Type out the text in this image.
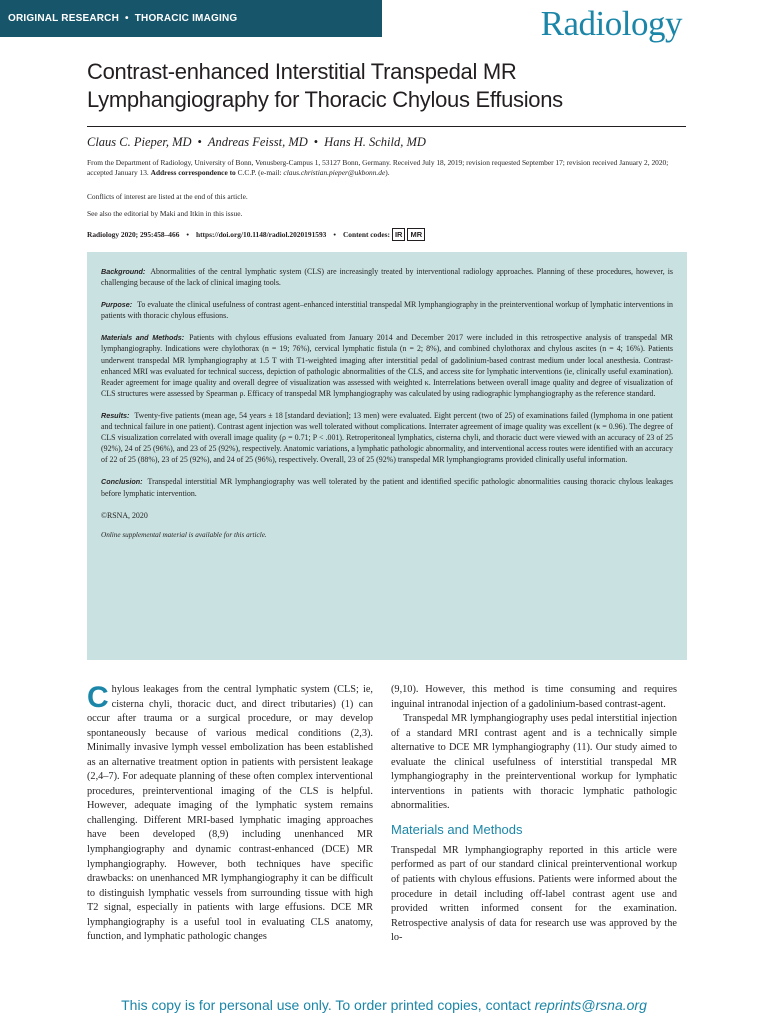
ORIGINAL RESEARCH • THORACIC IMAGING	Radiology
Contrast-enhanced Interstitial Transpedal MR Lymphangiography for Thoracic Chylous Effusions
Claus C. Pieper, MD • Andreas Feisst, MD • Hans H. Schild, MD
From the Department of Radiology, University of Bonn, Venusberg-Campus 1, 53127 Bonn, Germany. Received July 18, 2019; revision requested September 17; revision received January 2, 2020; accepted January 13. Address correspondence to C.C.P. (e-mail: claus.christian.pieper@ukbonn.de).
Conflicts of interest are listed at the end of this article.
See also the editorial by Maki and Itkin in this issue.
Radiology 2020; 295:458–466 • https://doi.org/10.1148/radiol.2020191593 • Content codes: IR	MR

Background: Abnormalities of the central lymphatic system (CLS) are increasingly treated by interventional radiology approaches. Planning of these procedures, however, is challenging because of the lack of clinical imaging tools.

Purpose: To evaluate the clinical usefulness of contrast agent–enhanced interstitial transpedal MR lymphangiography in the preinterventional workup of lymphatic interventions in patients with thoracic chylous effusions.

Materials and Methods: Patients with chylous effusions evaluated from January 2014 and December 2017 were included in this retrospective analysis of transpedal MR lymphangiography. Indications were chylothorax (n = 19; 76%), cervical lymphatic fistula (n = 2; 8%), and combined chylothorax and chylous ascites (n = 4; 16%). Patients underwent transpedal MR lymphangiography at 1.5 T with T1-weighted imaging after interstitial pedal of gadolinium-based contrast medium under local anesthesia. Contrast-enhanced MRI was evaluated for technical success, depiction of pathologic abnormalities of the CLS, and access site for lymphatic interventions (ie, clinically useful examination). Reader agreement for image quality and overall degree of visualization was assessed with weighted κ. Interrelations between overall image quality and degree of visualization of CLS structures were assessed by Spearman ρ. Efficacy of transpedal MR lymphangiography was calculated by using radiographic lymphangiography as the reference standard.

Results: Twenty-five patients (mean age, 54 years ± 18 [standard deviation]; 13 men) were evaluated. Eight percent (two of 25) of examinations failed (lymphoma in one patient and technical failure in one patient). Contrast agent injection was well tolerated without complications. Interrater agreement of image quality was excellent (κ = 0.96). The degree of CLS visualization correlated with overall image quality (ρ = 0.71; P < .001). Retroperitoneal lymphatics, cisterna chyli, and thoracic duct were viewed with an accuracy of 23 of 25 (92%), 24 of 25 (96%), and 23 of 25 (92%), respectively. Anatomic variations, a lymphatic pathologic abnormality, and interventional access routes were identified with an accuracy of 22 of 25 (88%), 23 of 25 (92%), and 24 of 25 (96%), respectively. Overall, 23 of 25 (92%) transpedal MR lymphangiograms provided clinically useful information.

Conclusion: Transpedal interstitial MR lymphangiography was well tolerated by the patient and identified specific pathologic abnormalities causing thoracic chylous leakages before lymphatic intervention.

©RSNA, 2020

Online supplemental material is available for this article.

Chylous leakages from the central lymphatic system (CLS; ie, cisterna chyli, thoracic duct, and direct tributaries) (1) can occur after trauma or a surgical procedure, or may develop spontaneously because of various medical conditions (2,3). Minimally invasive lymph vessel embolization has been established as an alternative treatment option in patients with persistent leakage (2,4–7). For adequate planning of these often complex interventional procedures, preinterventional imaging of the CLS is helpful. However, adequate imaging of the lymphatic system remains challenging. Different MRI-based lymphatic imaging approaches have been developed (8,9) including unenhanced MR lymphangiography and dynamic contrast-enhanced (DCE) MR lymphangiography. However, both techniques have specific drawbacks: on unenhanced MR lymphangiography it can be difficult to distinguish lymphatic vessels from surrounding tissue with high T2 signal, especially in patients with large effusions. DCE MR lymphangiography is a useful tool in evaluating CLS anatomy, function, and lymphatic pathologic changes

(9,10). However, this method is time consuming and requires inguinal intranodal injection of a gadolinium-based contrast-agent.

Transpedal MR lymphangiography uses pedal interstitial injection of a standard MRI contrast agent and is a technically simple alternative to DCE MR lymphangiography (11). Our study aimed to evaluate the clinical usefulness of interstitial transpedal MR lymphangiography in the preinterventional workup for lymphatic interventions in patients with thoracic lymphatic pathologic abnormalities.

Materials and Methods

Transpedal MR lymphangiography reported in this article were performed as part of our standard clinical preinterventional workup of patients with chylous effusions. Patients were informed about the procedure in detail including off-label contrast agent use and provided written informed consent for the examination. Retrospective analysis of data for research use was approved by the lo-

This copy is for personal use only. To order printed copies, contact reprints@rsna.org
